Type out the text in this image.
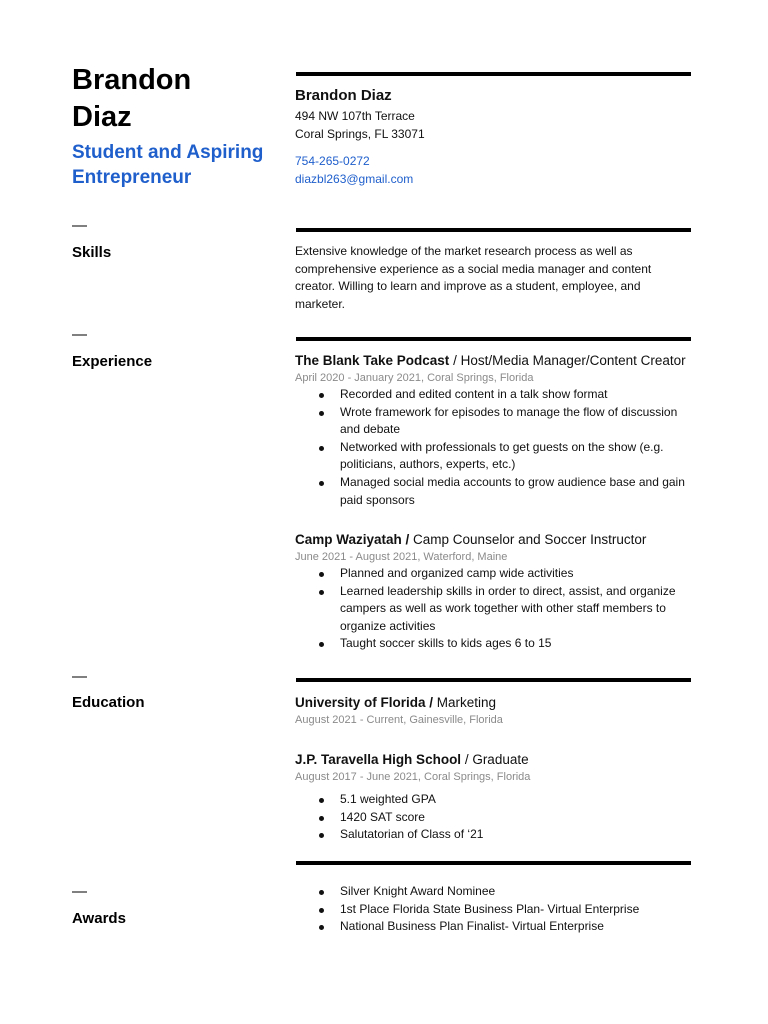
Brandon
Diaz
Student and Aspiring
Entrepreneur
Brandon Diaz
494 NW 107th Terrace
Coral Springs, FL 33071
754-265-0272
diazbl263@gmail.com
—
Skills	Extensive knowledge of the market research process as well as comprehensive experience as a social media manager and content creator. Willing to learn and improve as a student, employee, and marketer.
—
Experience	The Blank Take Podcast / Host/Media Manager/Content Creator
April 2020 - January 2021, Coral Springs, Florida
Recorded and edited content in a talk show format
Wrote framework for episodes to manage the flow of discussion and debate
Networked with professionals to get guests on the show (e.g. politicians, authors, experts, etc.)
Managed social media accounts to grow audience base and gain paid sponsors
Camp Waziyatah / Camp Counselor and Soccer Instructor
June 2021 - August 2021, Waterford, Maine
Planned and organized camp wide activities
Learned leadership skills in order to direct, assist, and organize campers as well as work together with other staff members to organize activities
Taught soccer skills to kids ages 6 to 15
—
Education	University of Florida / Marketing
August 2021 - Current, Gainesville, Florida
J.P. Taravella High School / Graduate
August 2017 - June 2021, Coral Springs, Florida
5.1 weighted GPA
1420 SAT score
Salutatorian of Class of ‘21
—
Awards
Silver Knight Award Nominee
1st Place Florida State Business Plan- Virtual Enterprise
National Business Plan Finalist- Virtual Enterprise
